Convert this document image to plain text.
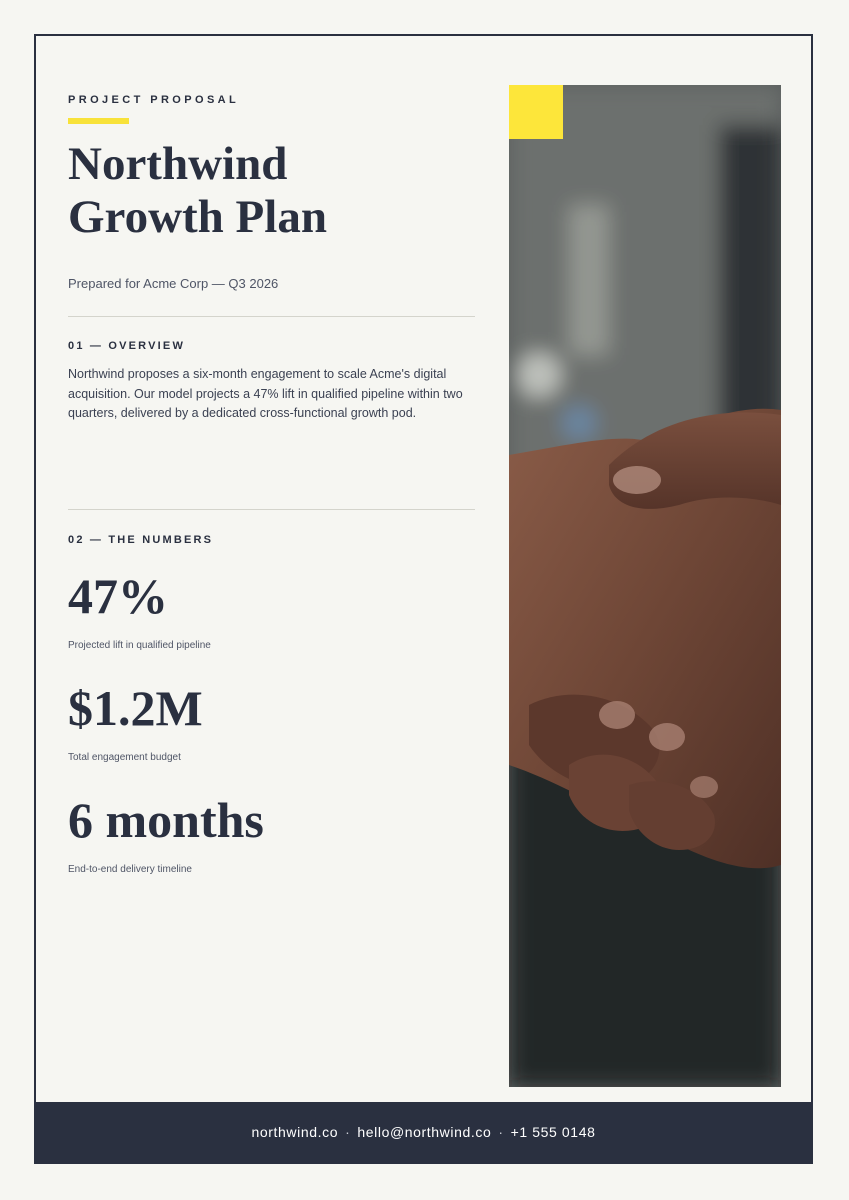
PROJECT PROPOSAL
Northwind
Growth Plan
Prepared for Acme Corp — Q3 2026
01 — OVERVIEW

Northwind proposes a six-month engagement to scale Acme's digital acquisition. Our model projects a 47% lift in qualified pipeline within two quarters, delivered by a dedicated cross-functional growth pod.

02 — THE NUMBERS
47%
Projected lift in qualified pipeline
$1.2M
Total engagement budget
6 months
End-to-end delivery timeline
northwind.co · hello@northwind.co · +1 555 0148
